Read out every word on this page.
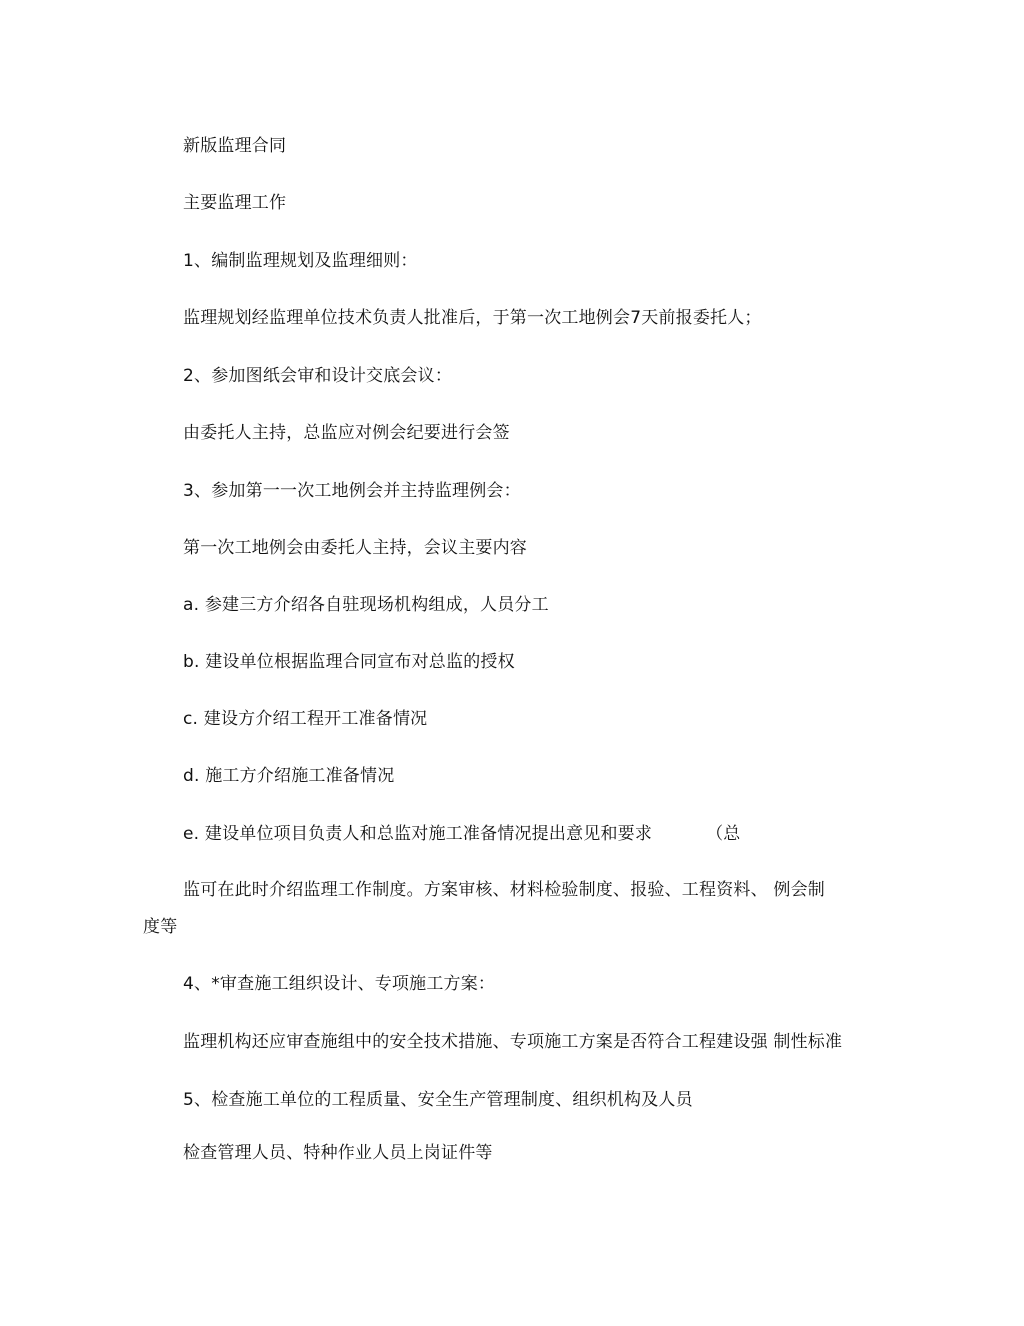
新版监理合同
主要监理工作
1、编制监理规划及监理细则：
监理规划经监理单位技术负责人批准后，于第一次工地例会7天前报委托人；
2、参加图纸会审和设计交底会议：
由委托人主持，总监应对例会纪要进行会签
3、参加第一一次工地例会并主持监理例会：
第一次工地例会由委托人主持，会议主要内容
a. 参建三方介绍各自驻现场机构组成，人员分工
b. 建设单位根据监理合同宣布对总监的授权
c. 建设方介绍工程开工准备情况
d. 施工方介绍施工准备情况
e. 建设单位项目负责人和总监对施工准备情况提出意见和要求	（总
监可在此时介绍监理工作制度。方案审核、材料检验制度、报验、工程资料、 例会制
度等
4、*审查施工组织设计、专项施工方案：
监理机构还应审查施组中的安全技术措施、专项施工方案是否符合工程建设强 制性标准
5、检查施工单位的工程质量、安全生产管理制度、组织机构及人员
检查管理人员、特种作业人员上岗证件等
